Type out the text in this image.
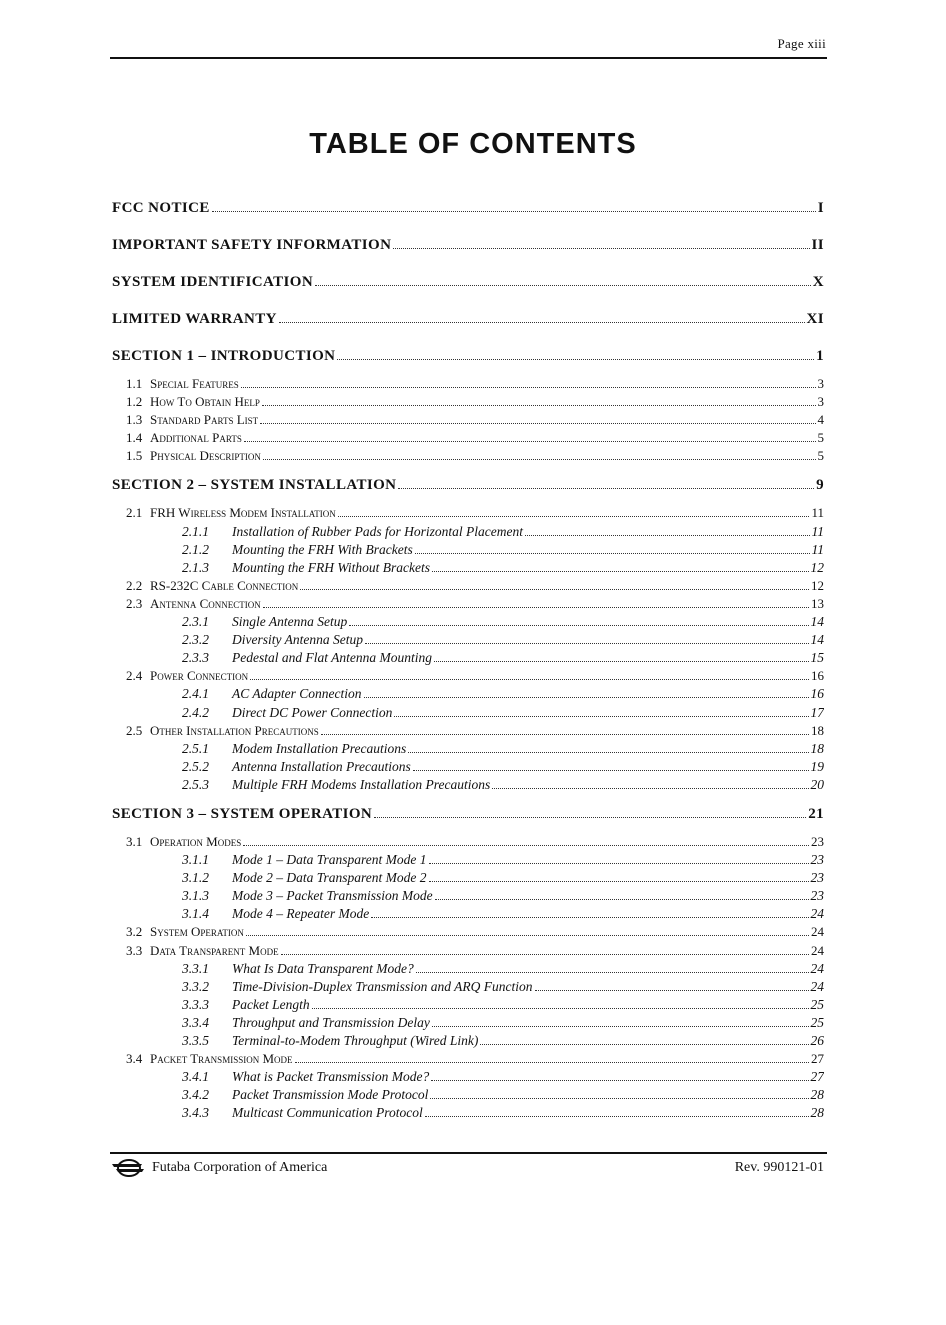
Page xiii
TABLE OF CONTENTS
FCC NOTICE	I
IMPORTANT SAFETY INFORMATION	II
SYSTEM IDENTIFICATION	X
LIMITED WARRANTY	XI
SECTION 1 – INTRODUCTION	1
1.1 Special Features	3
1.2 How To Obtain Help	3
1.3 Standard Parts List	4
1.4 Additional Parts	5
1.5 Physical Description	5
SECTION 2 – SYSTEM INSTALLATION	9
2.1 FRH Wireless Modem Installation	11
2.1.1	Installation of Rubber Pads for Horizontal Placement	11
2.1.2	Mounting the FRH With Brackets	11
2.1.3	Mounting the FRH Without Brackets	12
2.2 RS-232C Cable Connection	12
2.3 Antenna Connection	13
2.3.1	Single Antenna Setup	14
2.3.2	Diversity Antenna Setup	14
2.3.3	Pedestal and Flat Antenna Mounting	15
2.4 Power Connection	16
2.4.1	AC Adapter Connection	16
2.4.2	Direct DC Power Connection	17
2.5 Other Installation Precautions	18
2.5.1	Modem Installation Precautions	18
2.5.2	Antenna Installation Precautions	19
2.5.3	Multiple FRH Modems Installation Precautions	20
SECTION 3 – SYSTEM OPERATION	21
3.1 Operation Modes	23
3.1.1	Mode 1 – Data Transparent Mode 1	23
3.1.2	Mode 2 – Data Transparent Mode 2	23
3.1.3	Mode 3 – Packet Transmission Mode	23
3.1.4	Mode 4 – Repeater Mode	24
3.2 System Operation	24
3.3 Data Transparent Mode	24
3.3.1	What Is Data Transparent Mode?	24
3.3.2	Time-Division-Duplex Transmission and ARQ Function	24
3.3.3	Packet Length	25
3.3.4	Throughput and Transmission Delay	25
3.3.5	Terminal-to-Modem Throughput (Wired Link)	26
3.4 Packet Transmission Mode	27
3.4.1	What is Packet Transmission Mode?	27
3.4.2	Packet Transmission Mode Protocol	28
3.4.3	Multicast Communication Protocol	28
Futaba Corporation of America	Rev. 990121-01
